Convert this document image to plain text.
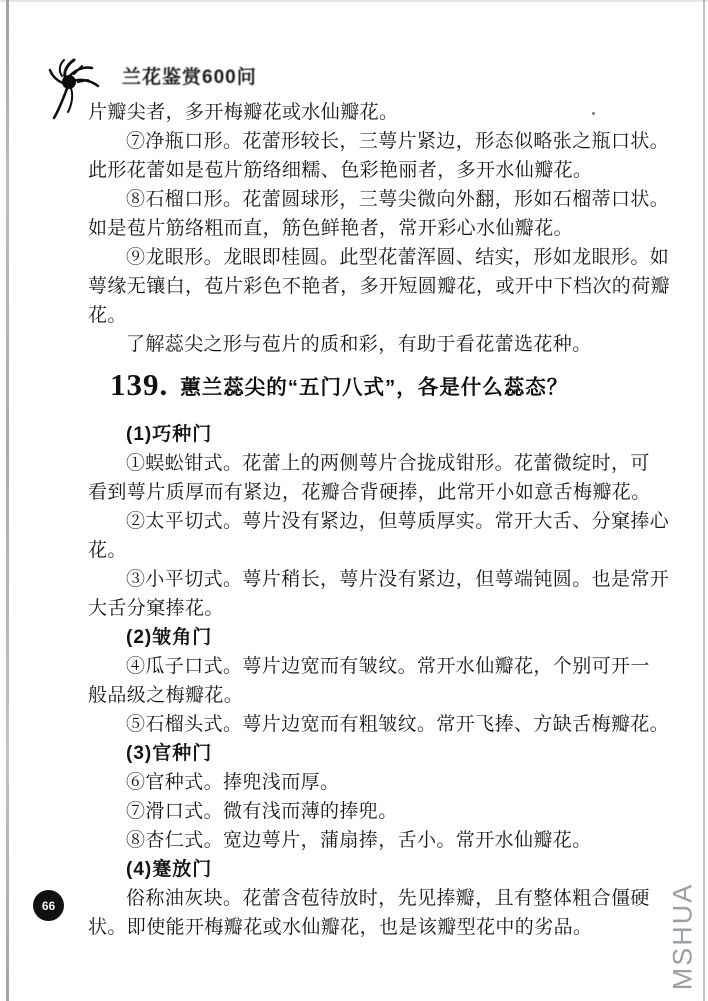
兰花鉴赏600问
片瓣尖者，多开梅瓣花或水仙瓣花。
⑦净瓶口形。花蕾形较长，三萼片紧边，形态似略张之瓶口状。
此形花蕾如是苞片筋络细糯、色彩艳丽者，多开水仙瓣花。
⑧石榴口形。花蕾圆球形，三萼尖微向外翻，形如石榴蒂口状。
如是苞片筋络粗而直，筋色鲜艳者，常开彩心水仙瓣花。
⑨龙眼形。龙眼即桂圆。此型花蕾浑圆、结实，形如龙眼形。如
萼缘无镶白，苞片彩色不艳者，多开短圆瓣花，或开中下档次的荷瓣
花。
了解蕊尖之形与苞片的质和彩，有助于看花蕾选花种。
139. 蕙兰蕊尖的“五门八式”，各是什么蕊态？
(1)巧种门
①蜈蚣钳式。花蕾上的两侧萼片合拢成钳形。花蕾微绽时，可
看到萼片质厚而有紧边，花瓣合背硬捧，此常开小如意舌梅瓣花。
②太平切式。萼片没有紧边，但萼质厚实。常开大舌、分窠捧心
花。
③小平切式。萼片稍长，萼片没有紧边，但萼端钝圆。也是常开
大舌分窠捧花。
(2)皱角门
④瓜子口式。萼片边宽而有皱纹。常开水仙瓣花，个别可开一
般品级之梅瓣花。
⑤石榴头式。萼片边宽而有粗皱纹。常开飞捧、方缺舌梅瓣花。
(3)官种门
⑥官种式。捧兜浅而厚。
⑦滑口式。微有浅而薄的捧兜。
⑧杏仁式。宽边萼片，蒲扇捧，舌小。常开水仙瓣花。
(4)蹇放门
俗称油灰块。花蕾含苞待放时，先见捧瓣，且有整体粗合僵硬
状。即使能开梅瓣花或水仙瓣花，也是该瓣型花中的劣品。
66	MSHUA
